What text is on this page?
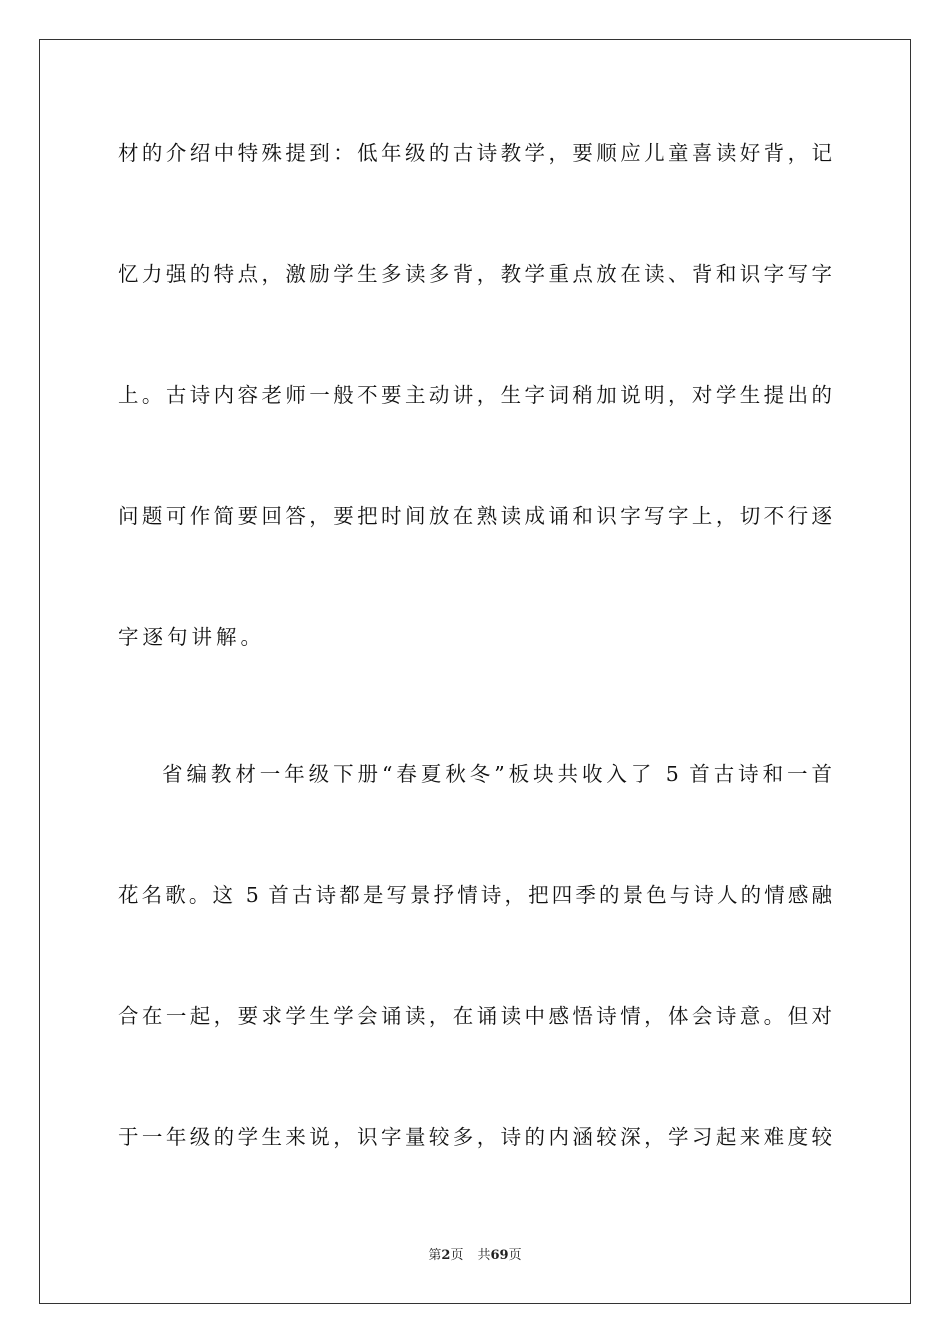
材的介绍中特殊提到：低年级的古诗教学，要顺应儿童喜读好背，记
忆力强的特点，激励学生多读多背，教学重点放在读、背和识字写字
上。古诗内容老师一般不要主动讲，生字词稍加说明，对学生提出的
问题可作简要回答，要把时间放在熟读成诵和识字写字上，切不行逐
字逐句讲解。
省编教材一年级下册“春夏秋冬”板块共收入了 5 首古诗和一首
花名歌。这 5 首古诗都是写景抒情诗，把四季的景色与诗人的情感融
合在一起，要求学生学会诵读，在诵读中感悟诗情，体会诗意。但对
于一年级的学生来说，识字量较多，诗的内涵较深，学习起来难度较
第2页 共69页
